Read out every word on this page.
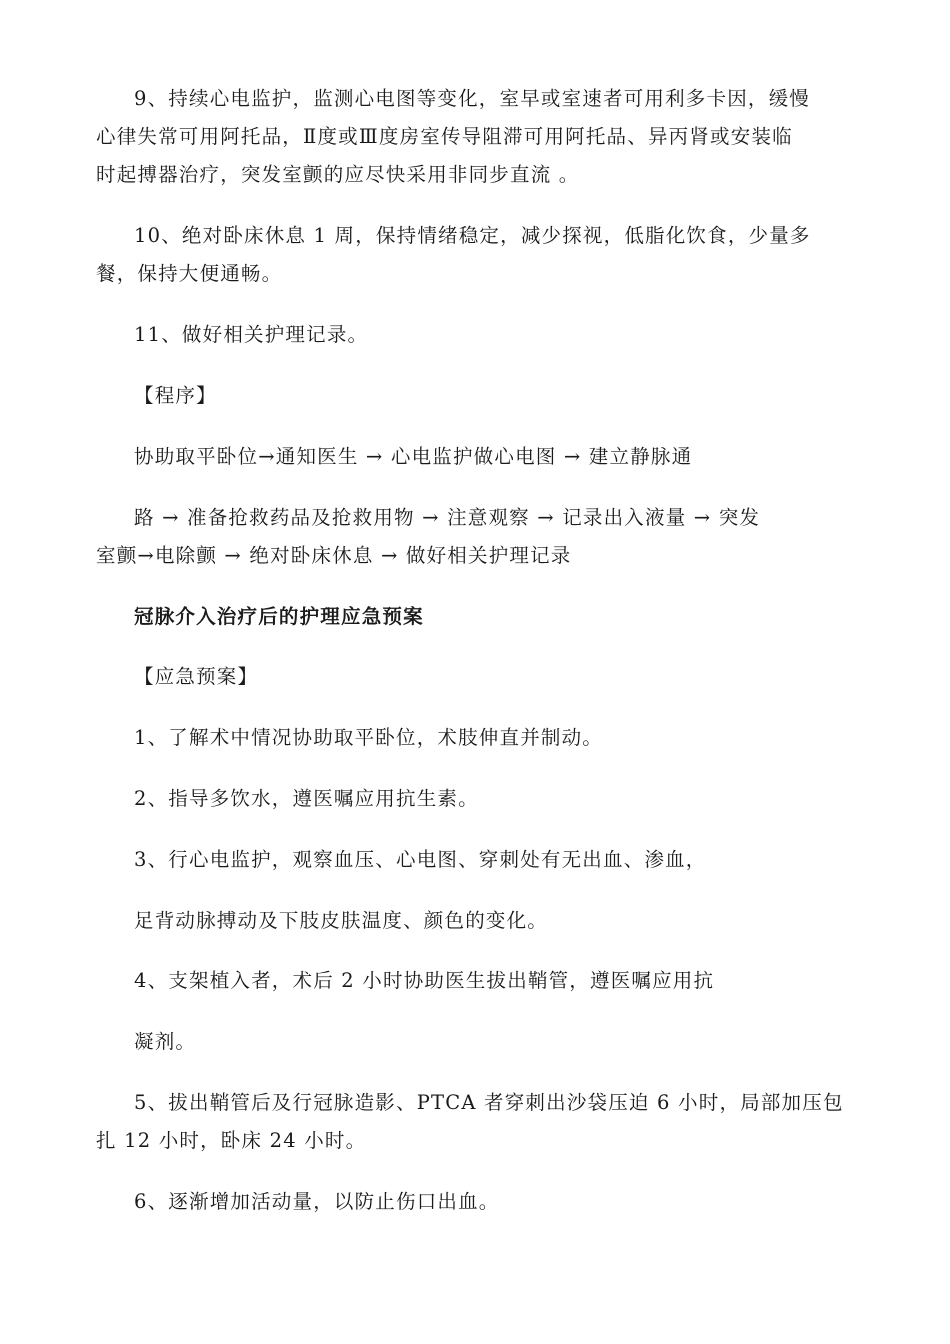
9、持续心电监护，监测心电图等变化，室早或室速者可用利多卡因，缓慢
心律失常可用阿托品，Ⅱ度或Ⅲ度房室传导阻滞可用阿托品、异丙肾或安装临
时起搏器治疗，突发室颤的应尽快采用非同步直流 。
10、绝对卧床休息 1 周，保持情绪稳定，减少探视，低脂化饮食，少量多
餐，保持大便通畅。
11、做好相关护理记录。
【程序】
协助取平卧位→通知医生 → 心电监护做心电图 → 建立静脉通
路 → 准备抢救药品及抢救用物 → 注意观察 → 记录出入液量 → 突发
室颤→电除颤 → 绝对卧床休息 → 做好相关护理记录
冠脉介入治疗后的护理应急预案
【应急预案】
1、了解术中情况协助取平卧位，术肢伸直并制动。
2、指导多饮水，遵医嘱应用抗生素。
3、行心电监护，观察血压、心电图、穿刺处有无出血、渗血，
足背动脉搏动及下肢皮肤温度、颜色的变化。
4、支架植入者，术后 2 小时协助医生拔出鞘管，遵医嘱应用抗
凝剂。
5、拔出鞘管后及行冠脉造影、PTCA 者穿刺出沙袋压迫 6 小时，局部加压包
扎 12 小时，卧床 24 小时。
6、逐渐增加活动量，以防止伤口出血。
